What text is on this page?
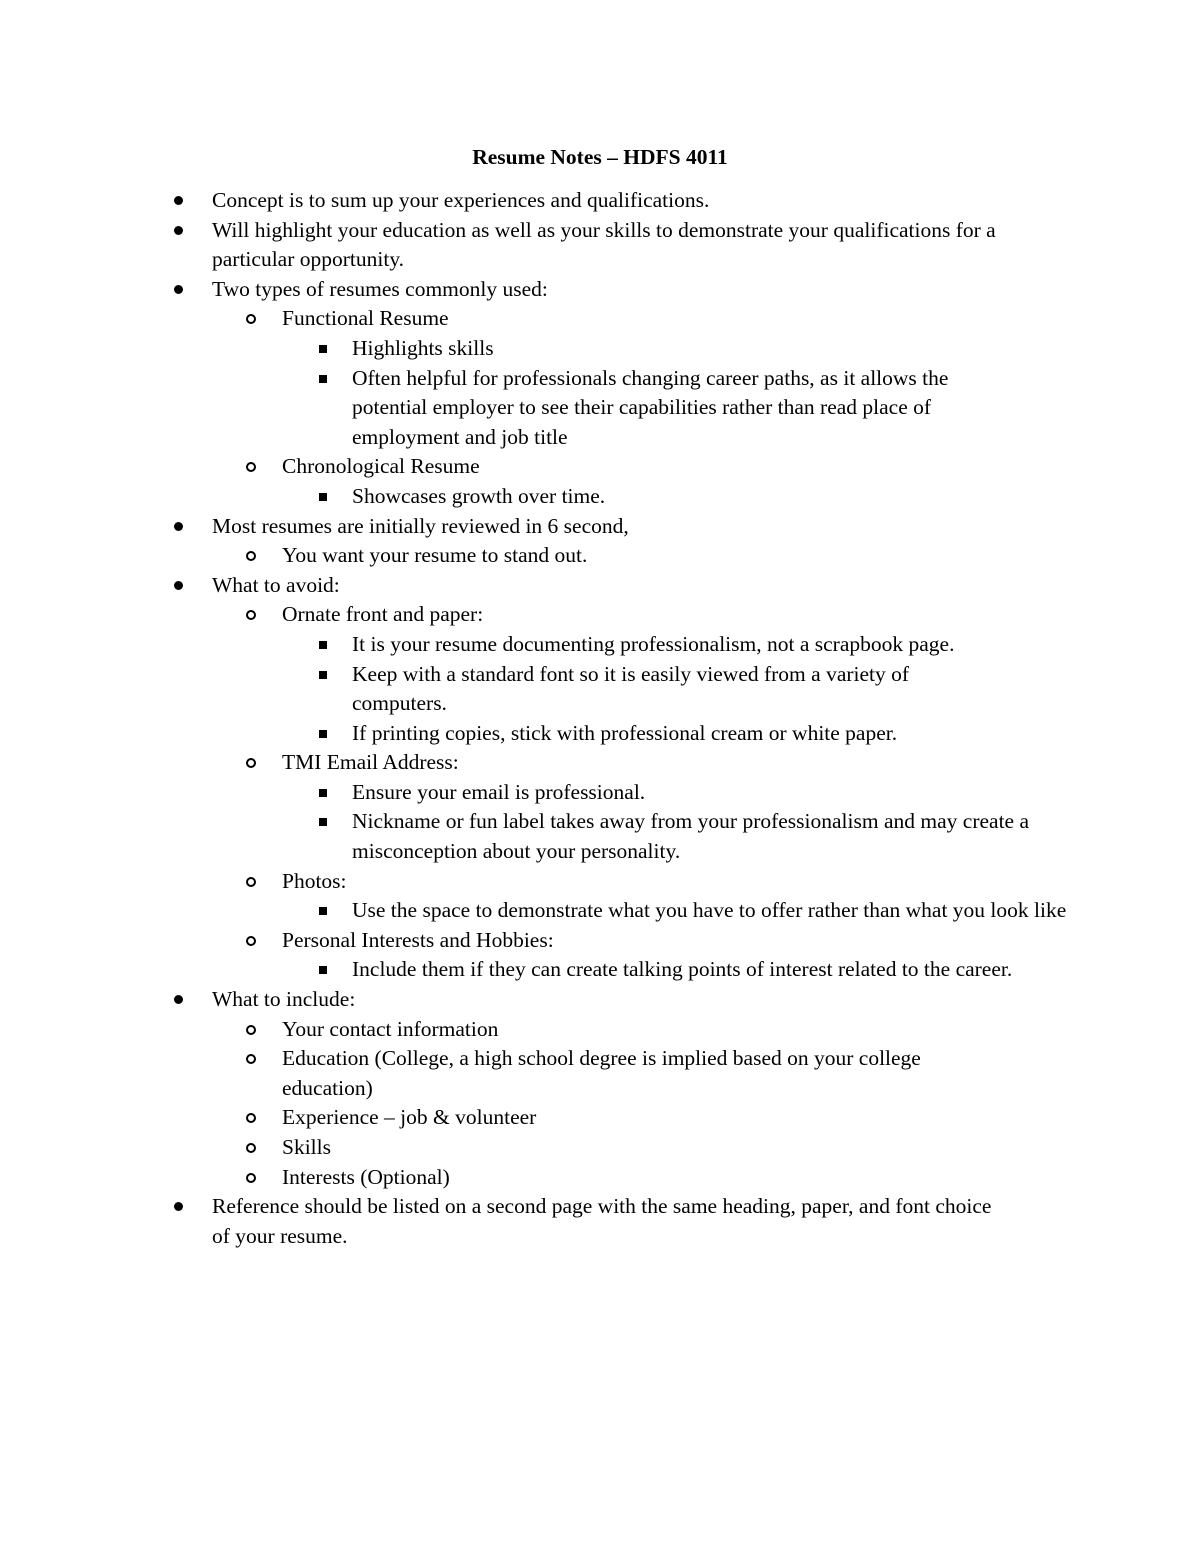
Resume Notes – HDFS 4011
Concept is to sum up your experiences and qualifications.
Will highlight your education as well as your skills to demonstrate your qualifications for a particular opportunity.
Two types of resumes commonly used:
Functional Resume
Highlights skills
Often helpful for professionals changing career paths, as it allows the potential employer to see their capabilities rather than read place of employment and job title
Chronological Resume
Showcases growth over time.
Most resumes are initially reviewed in 6 second,
You want your resume to stand out.
What to avoid:
Ornate front and paper:
It is your resume documenting professionalism, not a scrapbook page.
Keep with a standard font so it is easily viewed from a variety of computers.
If printing copies, stick with professional cream or white paper.
TMI Email Address:
Ensure your email is professional.
Nickname or fun label takes away from your professionalism and may create a misconception about your personality.
Photos:
Use the space to demonstrate what you have to offer rather than what you look like
Personal Interests and Hobbies:
Include them if they can create talking points of interest related to the career.
What to include:
Your contact information
Education (College, a high school degree is implied based on your college education)
Experience – job & volunteer
Skills
Interests (Optional)
Reference should be listed on a second page with the same heading, paper, and font choice of your resume.
